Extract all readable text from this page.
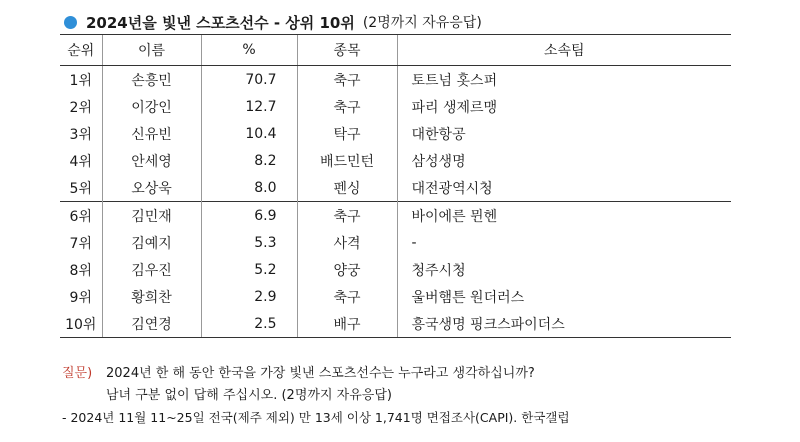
2024년을 빛낸 스포츠선수 - 상위 10위 (2명까지 자유응답)
순위	이름	%	종목	소속팀
1위	손흥민	70.7	축구	토트넘 홋스퍼
2위	이강인	12.7	축구	파리 생제르맹
3위	신유빈	10.4	탁구	대한항공
4위	안세영	8.2	배드민턴	삼성생명
5위	오상욱	8.0	펜싱	대전광역시청
6위	김민재	6.9	축구	바이에른 뮌헨
7위	김예지	5.3	사격	-
8위	김우진	5.2	양궁	청주시청
9위	황희찬	2.9	축구	울버햄튼 원더러스
10위	김연경	2.5	배구	흥국생명 핑크스파이더스
질문)	2024년 한 해 동안 한국을 가장 빛낸 스포츠선수는 누구라고 생각하십니까?
남녀 구분 없이 답해 주십시오. (2명까지 자유응답)
- 2024년 11월 11~25일 전국(제주 제외) 만 13세 이상 1,741명 면접조사(CAPI). 한국갤럽
